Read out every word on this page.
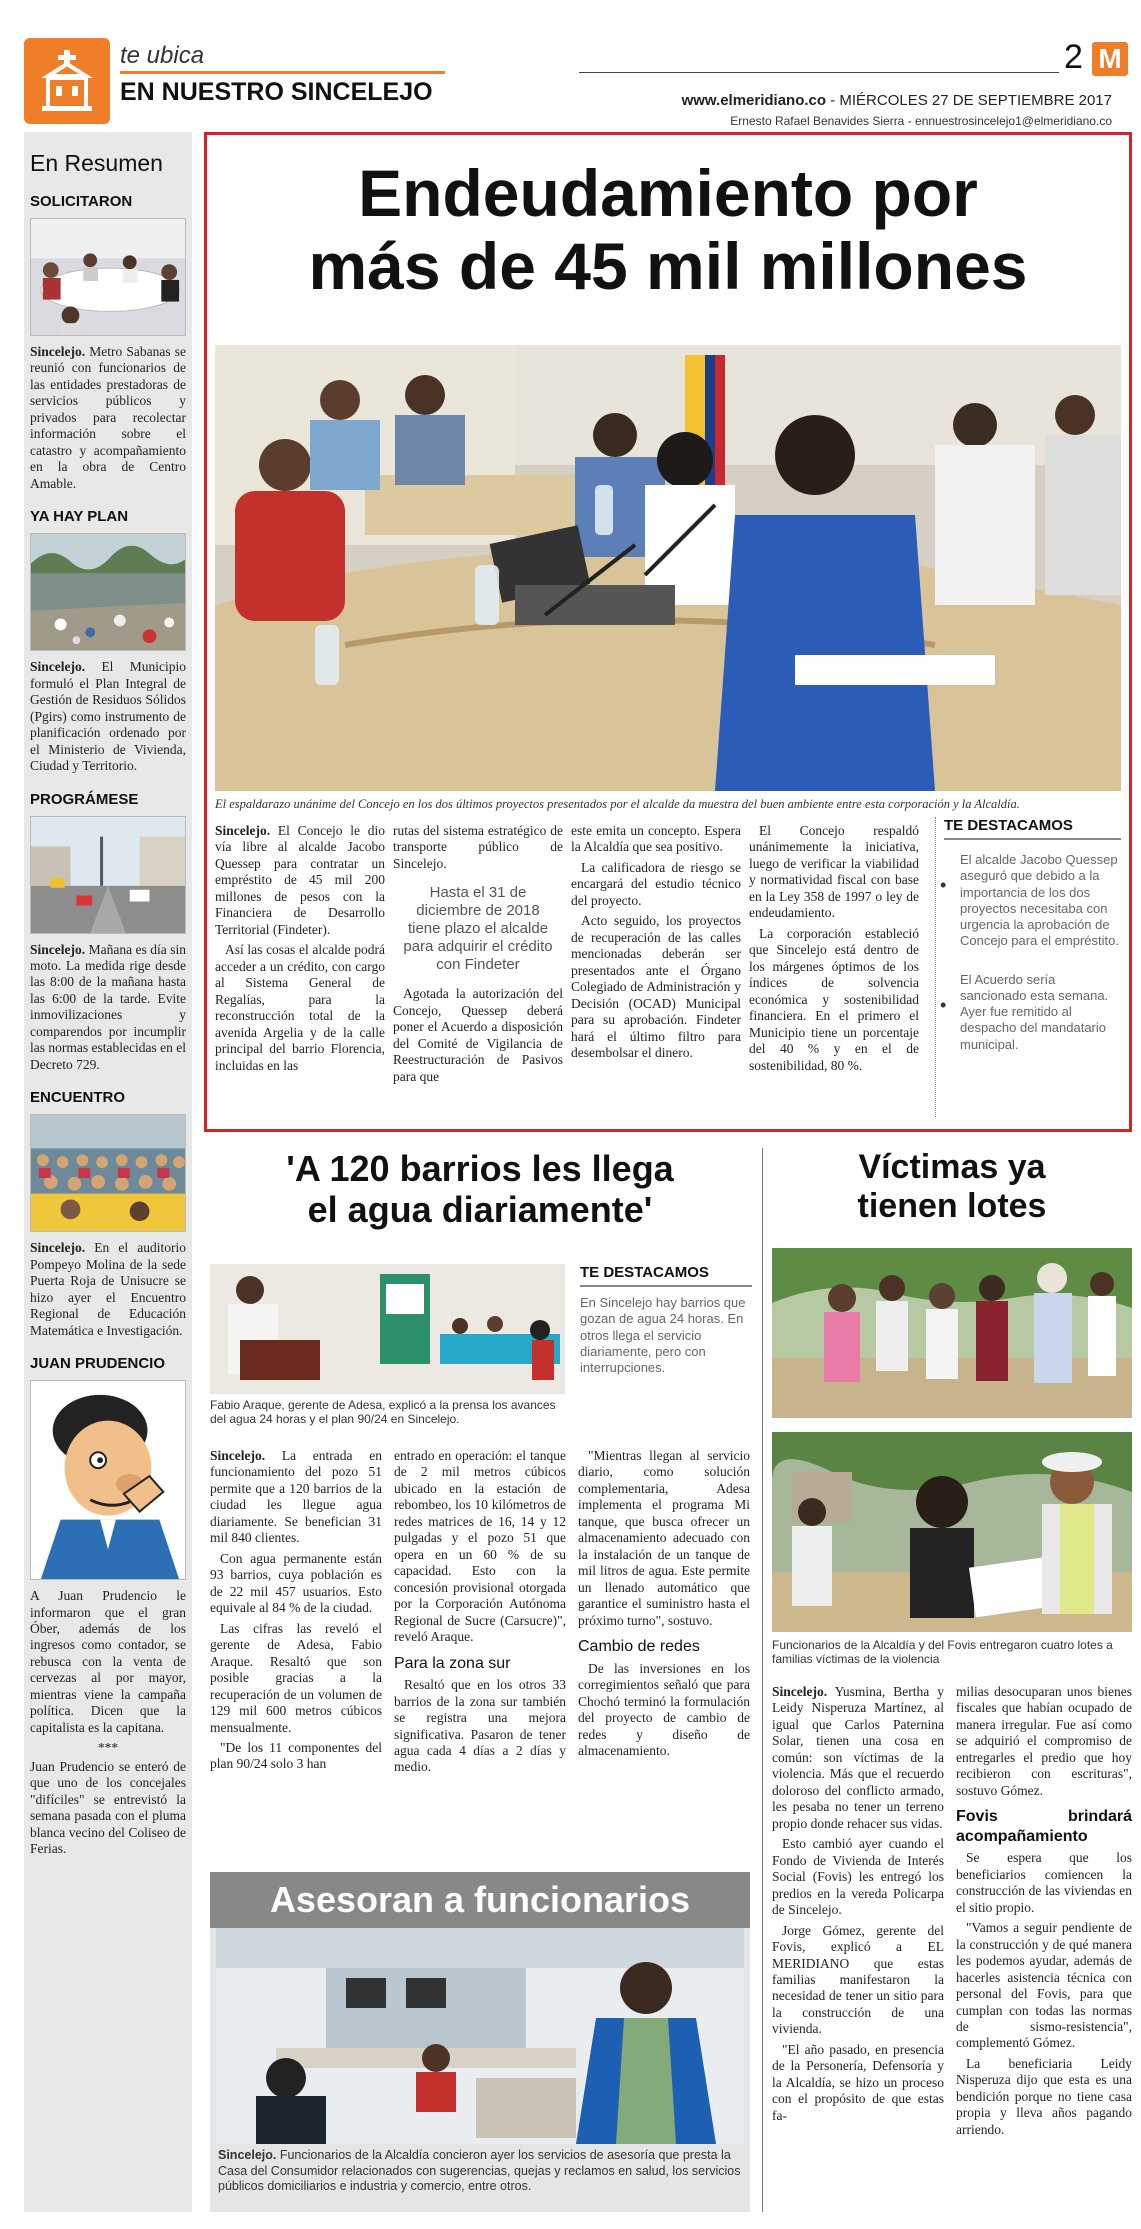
te ubica
EN NUESTRO SINCELEJO
2 M
www.elmeridiano.co - MIÉRCOLES 27 DE SEPTIEMBRE 2017
Ernesto Rafael Benavides Sierra - ennuestrosincelejo1@elmeridiano.co
En Resumen
SOLICITARON
Sincelejo. Metro Sabanas se reunió con funcionarios de las entidades prestadoras de servicios públicos y privados para recolectar información sobre el catastro y acompañamiento en la obra de Centro Amable.
YA HAY PLAN
Sincelejo. El Municipio formuló el Plan Integral de Gestión de Residuos Sólidos (Pgirs) como instrumento de planificación ordenado por el Ministerio de Vivienda, Ciudad y Territorio.
PROGRÁMESE
Sincelejo. Mañana es día sin moto. La medida rige desde las 8:00 de la mañana hasta las 6:00 de la tarde. Evite inmovilizaciones y comparendos por incumplir las normas establecidas en el Decreto 729.
ENCUENTRO
Sincelejo. En el auditorio Pompeyo Molina de la sede Puerta Roja de Unisucre se hizo ayer el Encuentro Regional de Educación Matemática e Investigación.
JUAN PRUDENCIO
A Juan Prudencio le informaron que el gran Óber, además de los ingresos como contador, se rebusca con la venta de cervezas al por mayor, mientras viene la campaña política. Dicen que la capitalista es la capitana.
***
Juan Prudencio se enteró de que uno de los concejales "difíciles" se entrevistó la semana pasada con el pluma blanca vecino del Coliseo de Ferias.
Endeudamiento por
más de 45 mil millones
El espaldarazo unánime del Concejo en los dos últimos proyectos presentados por el alcalde da muestra del buen ambiente entre esta corporación y la Alcaldía.

Sincelejo. El Concejo le dio vía libre al alcalde Jacobo Quessep para contratar un empréstito de 45 mil 200 millones de pesos con la Financiera de Desarrollo Territorial (Findeter).

Así las cosas el alcalde podrá acceder a un crédito, con cargo al Sistema General de Regalías, para la reconstrucción total de la avenida Argelia y de la calle principal del barrio Florencia, incluidas en las

rutas del sistema estratégico de transporte público de Sincelejo.

Hasta el 31 de diciembre de 2018 tiene plazo el alcalde para adquirir el crédito con Findeter

Agotada la autorización del Concejo, Quessep deberá poner el Acuerdo a disposición del Comité de Vigilancia de Reestructuración de Pasivos para que

este emita un concepto. Espera la Alcaldía que sea positivo.

La calificadora de riesgo se encargará del estudio técnico del proyecto.

Acto seguido, los proyectos de recuperación de las calles mencionadas deberán ser presentados ante el Órgano Colegiado de Administración y Decisión (OCAD) Municipal para su aprobación. Findeter hará el último filtro para desembolsar el dinero.

El Concejo respaldó unánimemente la iniciativa, luego de verificar la viabilidad y normatividad fiscal con base en la Ley 358 de 1997 o ley de endeudamiento.

La corporación estableció que Sincelejo está dentro de los márgenes óptimos de los índices de solvencia económica y sostenibilidad financiera. En el primero el Municipio tiene un porcentaje del 40 % y en el de sostenibilidad, 80 %.

TE DESTACAMOS
• El alcalde Jacobo Quessep aseguró que debido a la importancia de los dos proyectos necesitaba con urgencia la aprobación de Concejo para el empréstito.
• El Acuerdo sería sancionado esta semana. Ayer fue remitido al despacho del mandatario municipal.
'A 120 barrios les llega
el agua diariamente'
Fabio Araque, gerente de Adesa, explicó a la prensa los avances del agua 24 horas y el plan 90/24 en Sincelejo.
TE DESTACAMOS
En Sincelejo hay barrios que gozan de agua 24 horas. En otros llega el servicio diariamente, pero con interrupciones.

Sincelejo. La entrada en funcionamiento del pozo 51 permite que a 120 barrios de la ciudad les llegue agua diariamente. Se benefician 31 mil 840 clientes.

Con agua permanente están 93 barrios, cuya población es de 22 mil 457 usuarios. Esto equivale al 84 % de la ciudad.

Las cifras las reveló el gerente de Adesa, Fabio Araque. Resaltó que son posible gracias a la recuperación de un volumen de 129 mil 600 metros cúbicos mensualmente.

"De los 11 componentes del plan 90/24 solo 3 han

entrado en operación: el tanque de 2 mil metros cúbicos ubicado en la estación de rebombeo, los 10 kilómetros de redes matrices de 16, 14 y 12 pulgadas y el pozo 51 que opera en un 60 % de su capacidad. Esto con la concesión provisional otorgada por la Corporación Autónoma Regional de Sucre (Carsucre)", reveló Araque.

Para la zona sur

Resaltó que en los otros 33 barrios de la zona sur también se registra una mejora significativa. Pasaron de tener agua cada 4 días a 2 días y medio.

"Mientras llegan al servicio diario, como solución complementaria, Adesa implementa el programa Mi tanque, que busca ofrecer un almacenamiento adecuado con la instalación de un tanque de mil litros de agua. Este permite un llenado automático que garantice el suministro hasta el próximo turno", sostuvo.

Cambio de redes

De las inversiones en los corregimientos señaló que para Chochó terminó la formulación del proyecto de cambio de redes y diseño de almacenamiento.

Asesoran a funcionarios
Sincelejo. Funcionarios de la Alcaldía concieron ayer los servicios de asesoría que presta la Casa del Consumidor relacionados con sugerencias, quejas y reclamos en salud, los servicios públicos domiciliarios e industria y comercio, entre otros.
Víctimas ya
tienen lotes
Funcionarios de la Alcaldía y del Fovis entregaron cuatro lotes a familias víctimas de la violencia

Sincelejo. Yusmina, Bertha y Leidy Nisperuza Martínez, al igual que Carlos Paternina Solar, tienen una cosa en común: son víctimas de la violencia. Más que el recuerdo doloroso del conflicto armado, les pesaba no tener un terreno propio donde rehacer sus vidas.

Esto cambió ayer cuando el Fondo de Vivienda de Interés Social (Fovis) les entregó los predios en la vereda Policarpa de Sincelejo.

Jorge Gómez, gerente del Fovis, explicó a EL MERIDIANO que estas familias manifestaron la necesidad de tener un sitio para la construcción de una vivienda.

"El año pasado, en presencia de la Personería, Defensoría y la Alcaldía, se hizo un proceso con el propósito de que estas fa-

milias desocuparan unos bienes fiscales que habían ocupado de manera irregular. Fue así como se adquirió el compromiso de entregarles el predio que hoy recibieron con escrituras", sostuvo Gómez.

Fovis brindará acompañamiento

Se espera que los beneficiarios comiencen la construcción de las viviendas en el sitio propio.

"Vamos a seguir pendiente de la construcción y de qué manera les podemos ayudar, además de hacerles asistencia técnica con personal del Fovis, para que cumplan con todas las normas de sismo-resistencia", complementó Gómez.

La beneficiaria Leidy Nisperuza dijo que esta es una bendición porque no tiene casa propia y lleva años pagando arriendo.
